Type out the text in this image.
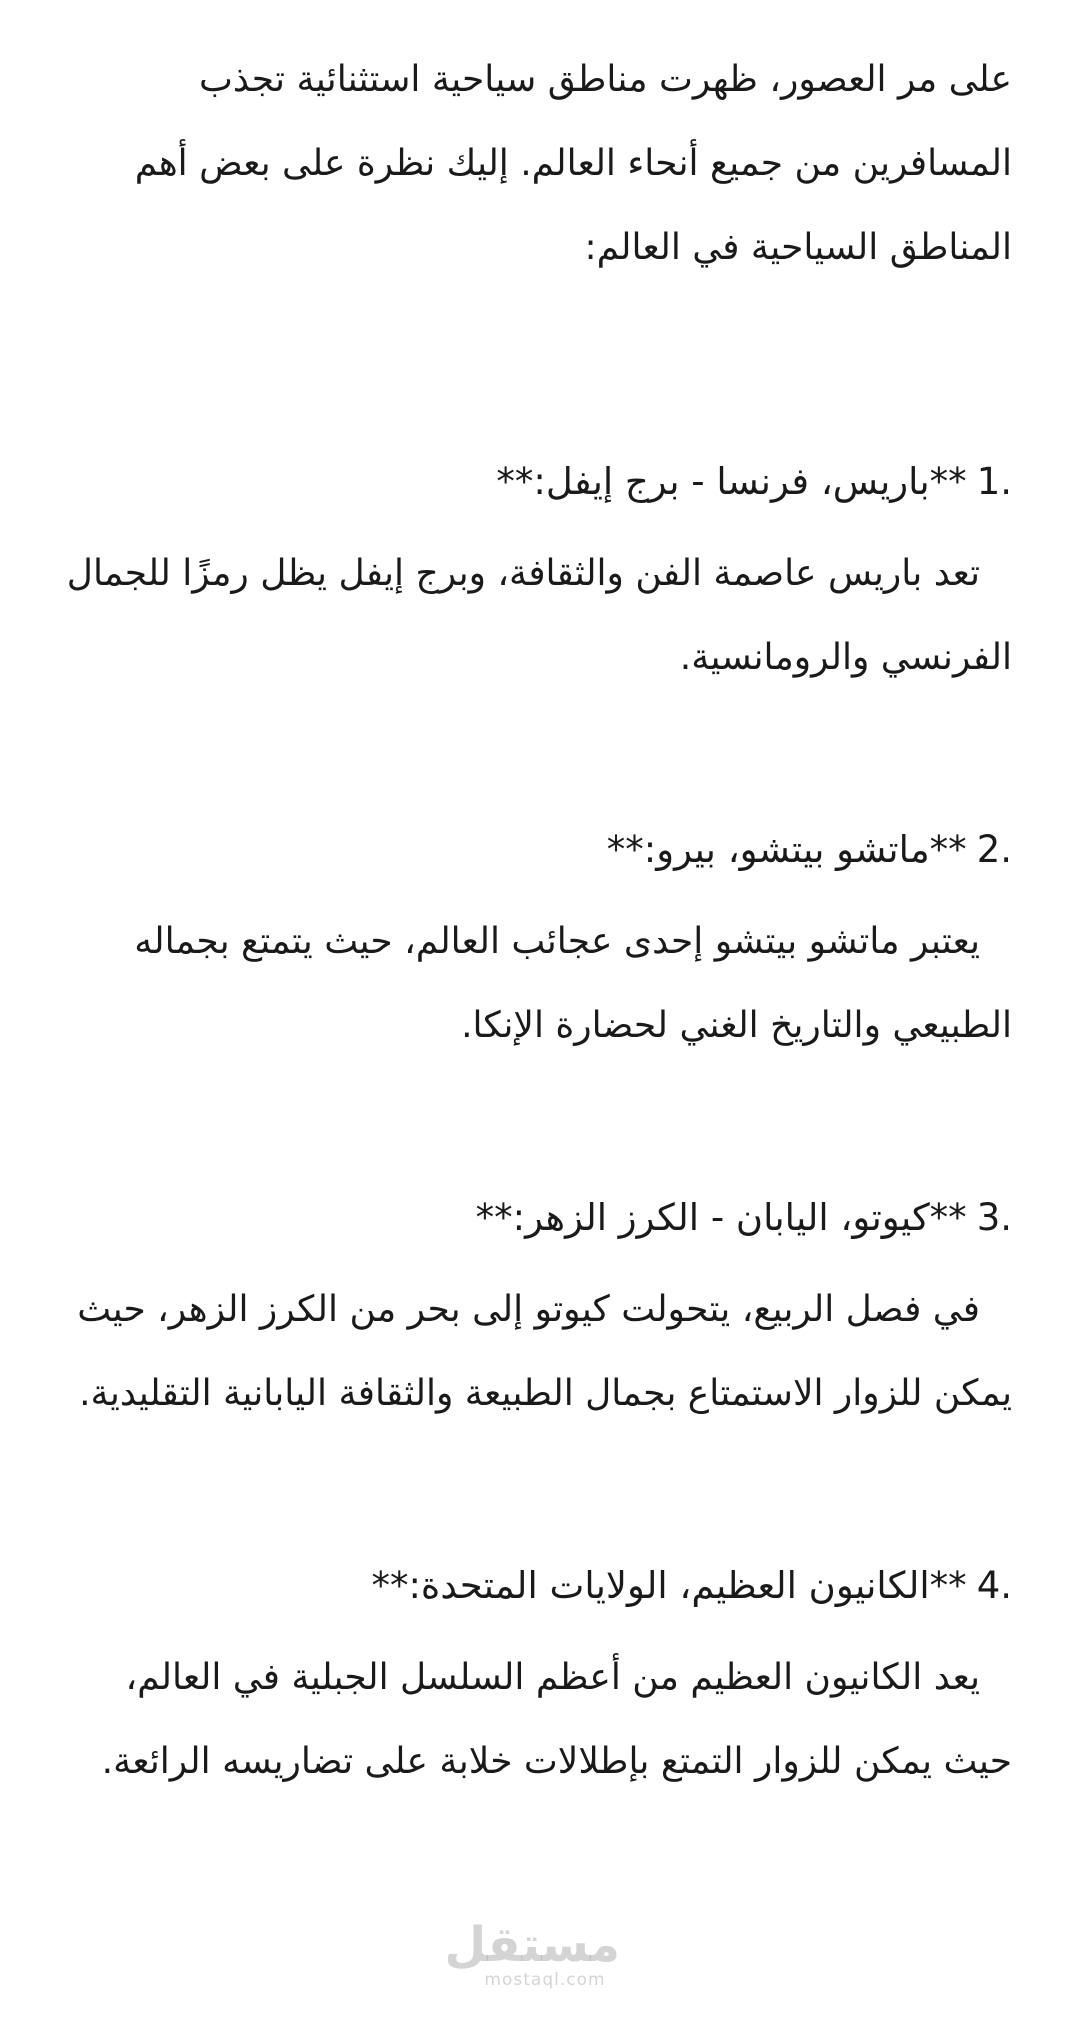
على مر العصور، ظهرت مناطق سياحية استثنائية تجذب المسافرين من جميع أنحاء العالم. إليك نظرة على بعض أهم المناطق السياحية في العالم:

1.
**باريس، فرنسا - برج إيفل:**

تعد باريس عاصمة الفن والثقافة، وبرج إيفل يظل رمزًا للجمال الفرنسي والرومانسية.

2.
**ماتشو بيتشو، بيرو:**

يعتبر ماتشو بيتشو إحدى عجائب العالم، حيث يتمتع بجماله الطبيعي والتاريخ الغني لحضارة الإنكا.

3.
**كيوتو، اليابان - الكرز الزهر:**

في فصل الربيع، يتحولت كيوتو إلى بحر من الكرز الزهر، حيث يمكن للزوار الاستمتاع بجمال الطبيعة والثقافة اليابانية التقليدية.

4.
**الكانيون العظيم، الولايات المتحدة:**

يعد الكانيون العظيم من أعظم السلسل الجبلية في العالم، حيث يمكن للزوار التمتع بإطلالات خلابة على تضاريسه الرائعة.

مستقل
mostaql.com
